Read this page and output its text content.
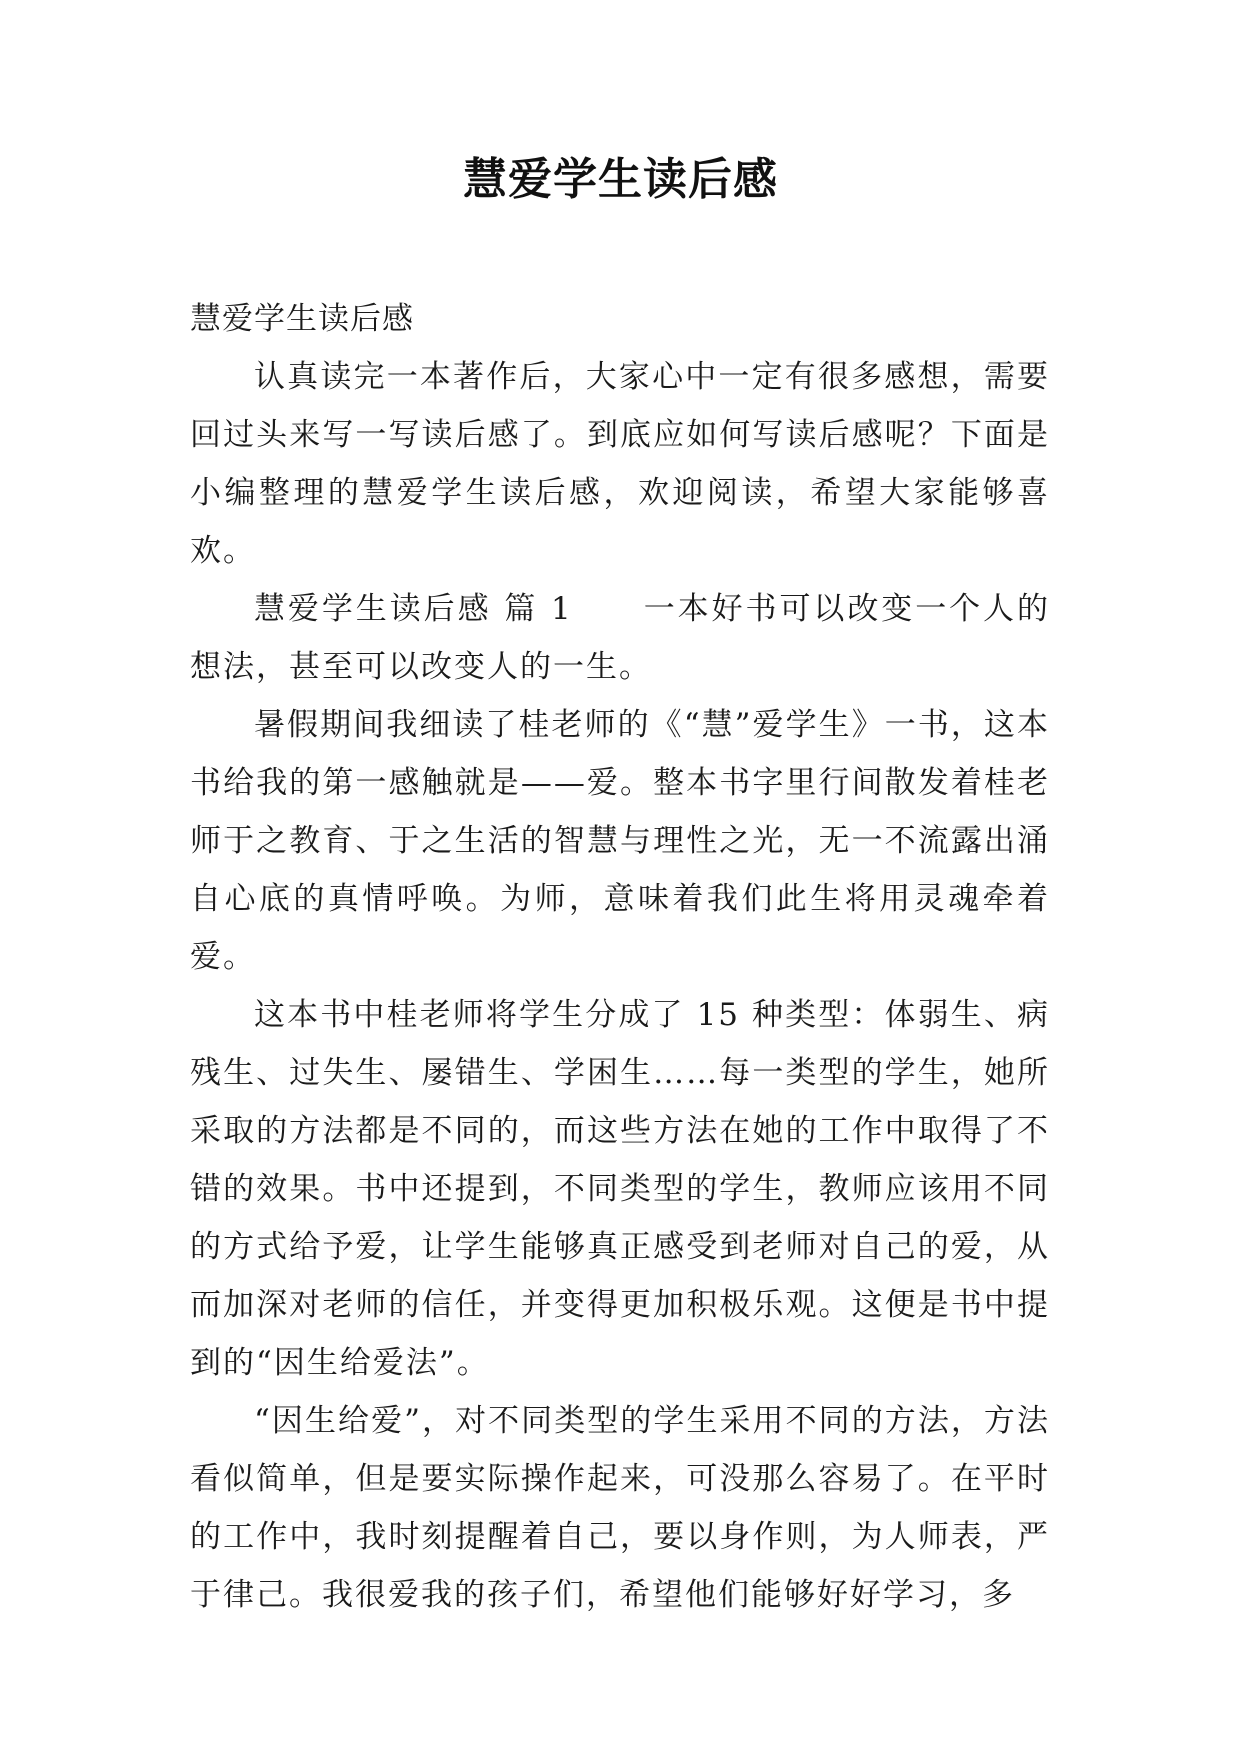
慧爱学生读后感

慧爱学生读后感

认真读完一本著作后，大家心中一定有很多感想，需要回过头来写一写读后感了。到底应如何写读后感呢？下面是小编整理的慧爱学生读后感，欢迎阅读，希望大家能够喜欢。

慧爱学生读后感 篇 1 一本好书可以改变一个人的想法，甚至可以改变人的一生。

暑假期间我细读了桂老师的《“慧”爱学生》一书，这本书给我的第一感触就是——爱。整本书字里行间散发着桂老师于之教育、于之生活的智慧与理性之光，无一不流露出涌自心底的真情呼唤。为师，意味着我们此生将用灵魂牵着爱。

这本书中桂老师将学生分成了 15 种类型：体弱生、病残生、过失生、屡错生、学困生……每一类型的学生，她所采取的方法都是不同的，而这些方法在她的工作中取得了不错的效果。书中还提到，不同类型的学生，教师应该用不同的方式给予爱，让学生能够真正感受到老师对自己的爱，从而加深对老师的信任，并变得更加积极乐观。这便是书中提到的“因生给爱法”。

“因生给爱”，对不同类型的学生采用不同的方法，方法看似简单，但是要实际操作起来，可没那么容易了。在平时的工作中，我时刻提醒着自己，要以身作则，为人师表，严于律己。我很爱我的孩子们，希望他们能够好好学习，多
